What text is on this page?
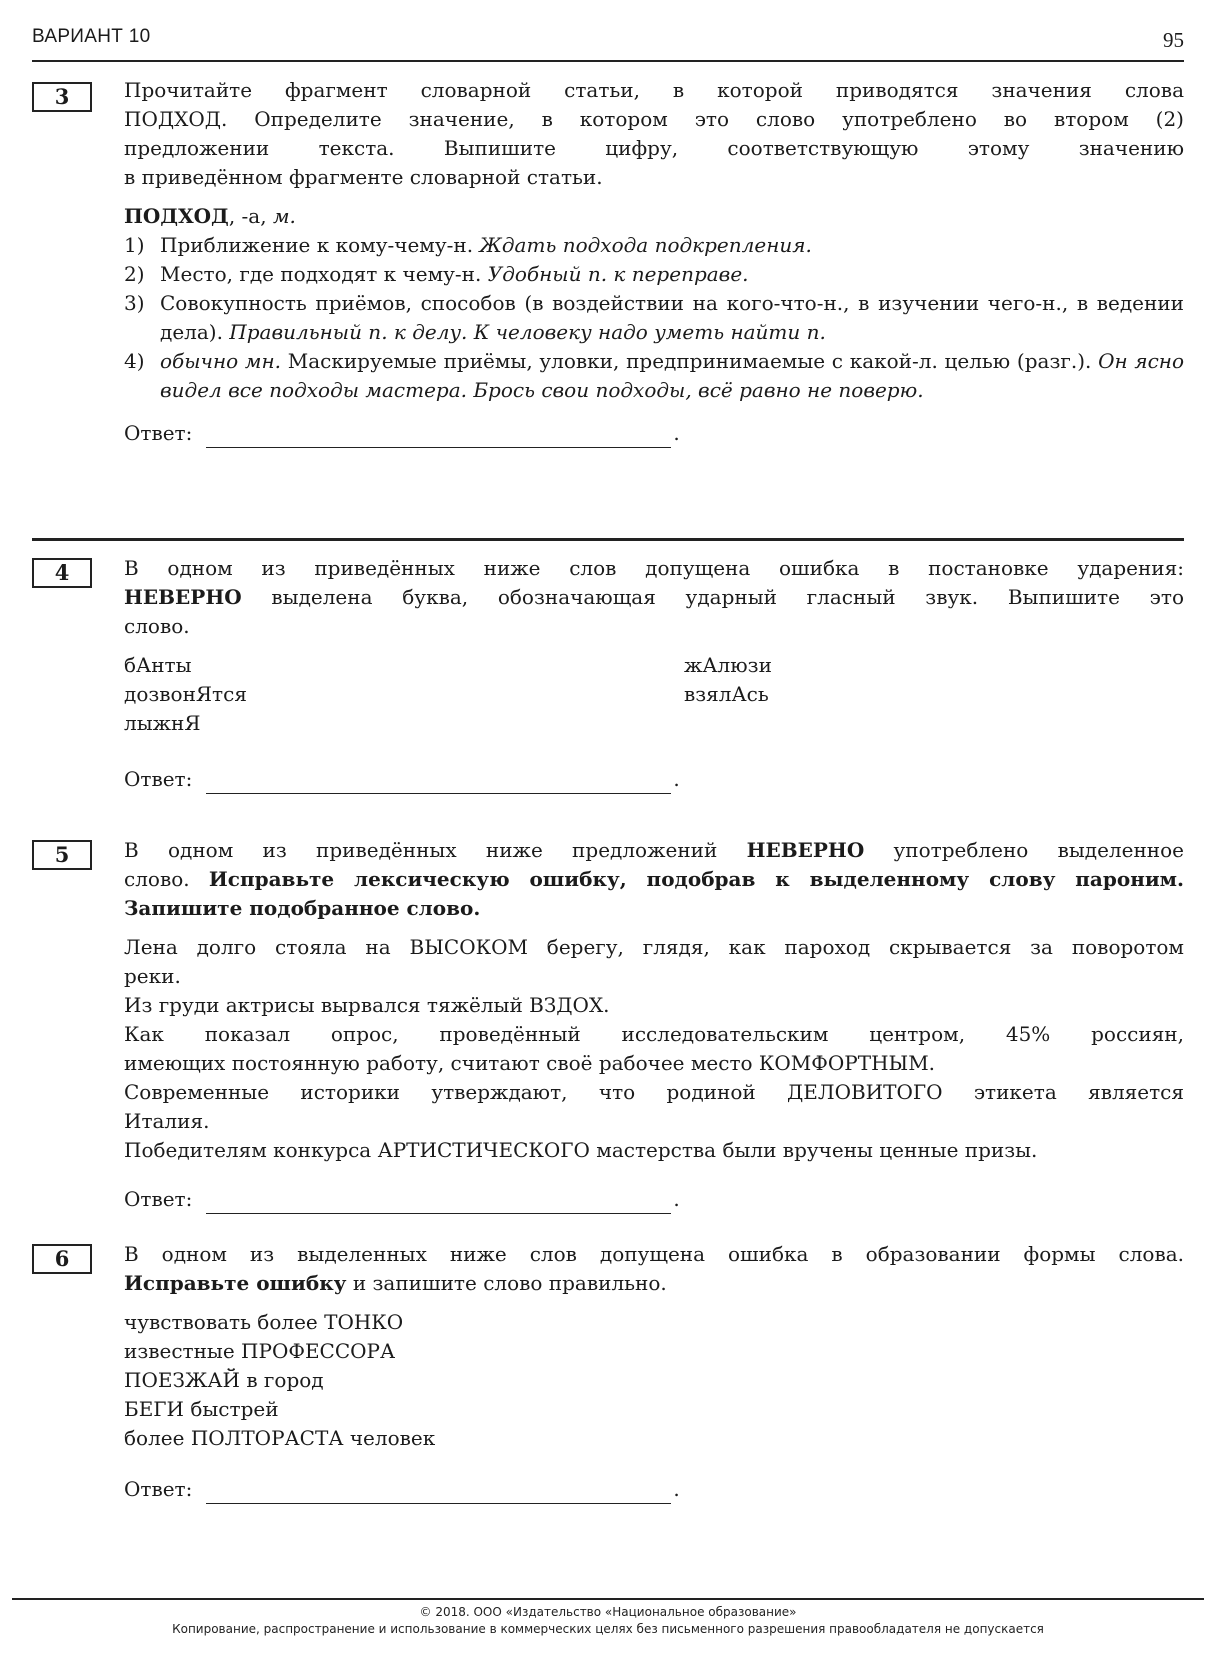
ВАРИАНТ 10	95
3	Прочитайте фрагмент словарной статьи, в которой приводятся значения слова

ПОДХОД. Определите значение, в котором это слово употреблено во втором (2)

предложении текста. Выпишите цифру, соответствующую этому значению

в приведённом фрагменте словарной статьи.

ПОДХОД, -а, м.

1) Приближение к кому-чему-н. Ждать подхода подкрепления.
2) Место, где подходят к чему-н. Удобный п. к переправе.
3) Совокупность приёмов, способов (в воздействии на кого-что-н., в изучении чего-н., в ведении дела). Правильный п. к делу. К человеку надо уметь найти п.
4) обычно мн. Маскируемые приёмы, уловки, предпринимаемые с какой-л. целью (разг.). Он ясно видел все подходы мастера. Брось свои подходы, всё равно не поверю.
Ответ:	.
4	В одном из приведённых ниже слов допущена ошибка в постановке ударения:

НЕВЕРНО выделена буква, обозначающая ударный гласный звук. Выпишите это

слово.

бАнты
дозвонЯтся
лыжнЯ
жАлюзи
взялАсь
Ответ:	.
5	В одном из приведённых ниже предложений НЕВЕРНО употреблено выделенное

слово. Исправьте лексическую ошибку, подобрав к выделенному слову пароним.

Запишите подобранное слово.

Лена долго стояла на ВЫСОКОМ берегу, глядя, как пароход скрывается за поворотом
реки.
Из груди актрисы вырвался тяжёлый ВЗДОХ.
Как показал опрос, проведённый исследовательским центром, 45% россиян,
имеющих постоянную работу, считают своё рабочее место КОМФОРТНЫМ.
Современные историки утверждают, что родиной ДЕЛОВИТОГО этикета является
Италия.
Победителям конкурса АРТИСТИЧЕСКОГО мастерства были вручены ценные призы.
Ответ:	.
6	В одном из выделенных ниже слов допущена ошибка в образовании формы слова.

Исправьте ошибку и запишите слово правильно.

чувствовать более ТОНКО
известные ПРОФЕССОРА
ПОЕЗЖАЙ в город
БЕГИ быстрей
более ПОЛТОРАСТА человек
Ответ:	.
© 2018. ООО «Издательство «Национальное образование»
Копирование, распространение и использование в коммерческих целях без письменного разрешения правообладателя не допускается
